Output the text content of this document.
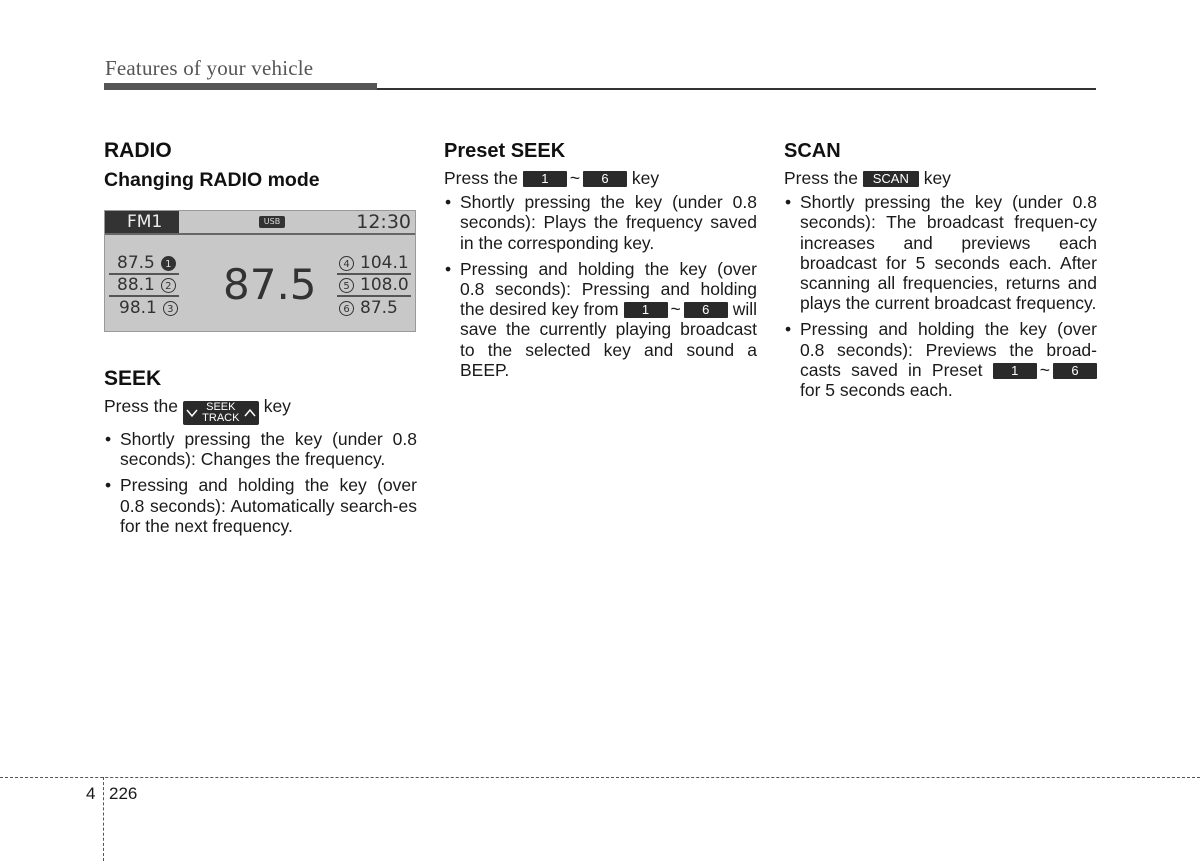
Features of your vehicle
RADIO
Changing RADIO mode
FM1	USB	12:30
87.5
87.5	1
88.1	2
98.1	3
4 104.1
5 108.0
6 87.5
SEEK
Press the	SEEK
TRACK
key
• Shortly pressing the key (under 0.8 seconds): Changes the frequency.
• Pressing and holding the key (over 0.8 seconds): Automatically search-es for the next frequency.
Preset SEEK
Press the 1 ~ 6 key
• Shortly pressing the key (under 0.8 seconds): Plays the frequency saved in the corresponding key.
• Pressing and holding the key (over 0.8 seconds): Pressing and holding the desired key from 1 ~ 6 will save the currently playing broadcast to the selected key and sound a BEEP.
SCAN
Press the SCAN key
• Shortly pressing the key (under 0.8 seconds): The broadcast frequen-cy increases and previews each broadcast for 5 seconds each. After scanning all frequencies, returns and plays the current broadcast frequency.
• Pressing and holding the key (over 0.8 seconds): Previews the broad-casts saved in Preset 1 ~ 6 for 5 seconds each.
4 226
